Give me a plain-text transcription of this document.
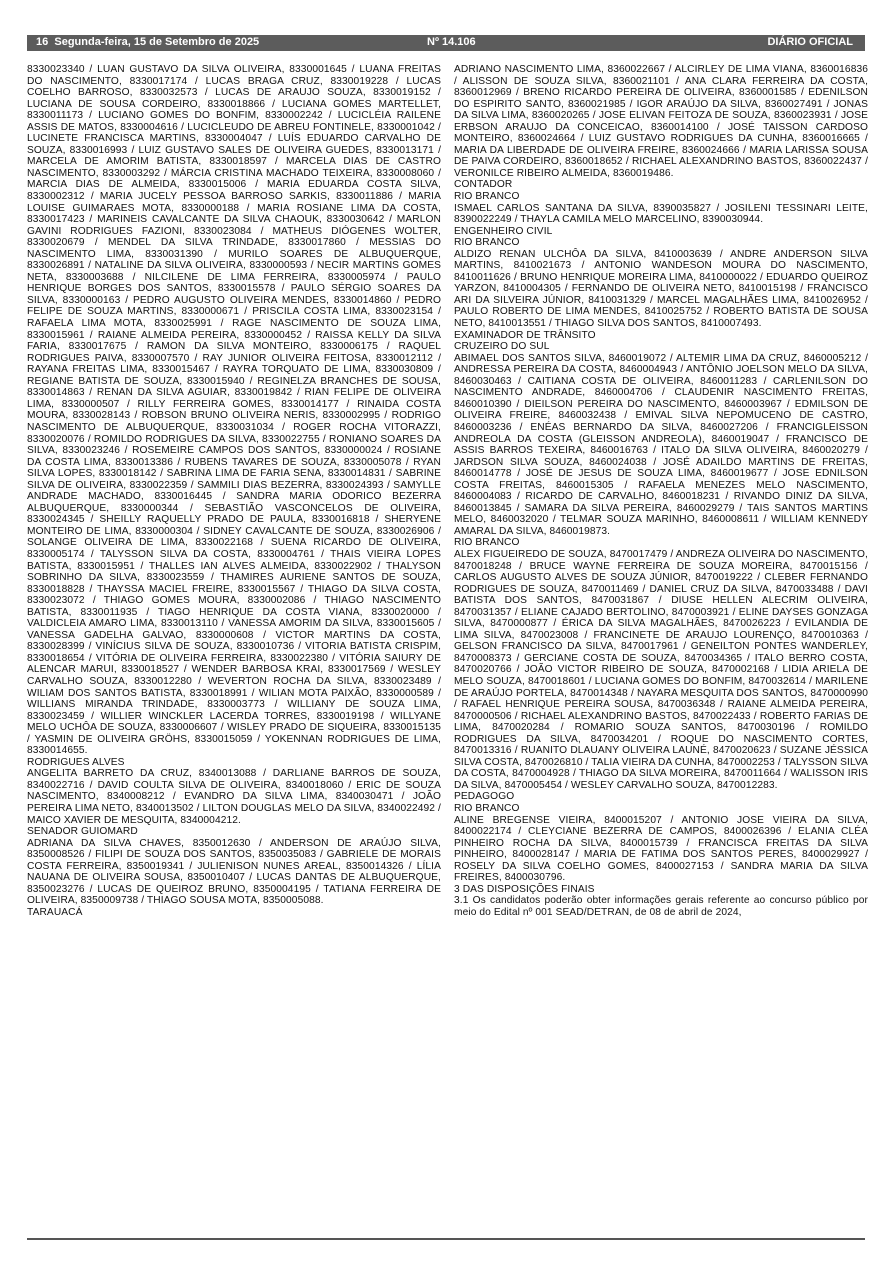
16 Segunda-feira, 15 de Setembro de 2025	Nº 14.106	DIÁRIO OFICIAL

8330023340 / LUAN GUSTAVO DA SILVA OLIVEIRA, 8330001645 / LUANA FREITAS DO NASCIMENTO, 8330017174 / LUCAS BRAGA CRUZ, 8330019228 / LUCAS COELHO BARROSO, 8330032573 / LUCAS DE ARAUJO SOUZA, 8330019152 / LUCIANA DE SOUSA CORDEIRO, 8330018866 / LUCIANA GOMES MARTELLET, 8330011173 / LUCIANO GOMES DO BONFIM, 8330002242 / LUCICLÉIA RAILENE ASSIS DE MATOS, 8330004616 / LUCICLEUDO DE ABREU FONTINELE, 8330001042 / LUCINETE FRANCISCA MARTINS, 8330004047 / LUÍS EDUARDO CARVALHO DE SOUZA, 8330016993 / LUIZ GUSTAVO SALES DE OLIVEIRA GUEDES, 8330013171 / MARCELA DE AMORIM BATISTA, 8330018597 / MARCELA DIAS DE CASTRO NASCIMENTO, 8330003292 / MÁRCIA CRISTINA MACHADO TEIXEIRA, 8330008060 / MARCIA DIAS DE ALMEIDA, 8330015006 / MARIA EDUARDA COSTA SILVA, 8330002312 / MARIA JUCELY PESSOA BARROSO SARKIS, 8330011886 / MARIA LOUISE GUIMARAES MOTA, 8330000188 / MARIA ROSIANE LIMA DA COSTA, 8330017423 / MARINEIS CAVALCANTE DA SILVA CHAOUK, 8330030642 / MARLON GAVINI RODRIGUES FAZIONI, 8330023084 / MATHEUS DIÓGENES WOLTER, 8330020679 / MENDEL DA SILVA TRINDADE, 8330017860 / MESSIAS DO NASCIMENTO LIMA, 8330031390 / MURILO SOARES DE ALBUQUERQUE, 8330026891 / NATALINE DA SILVA OLIVEIRA, 8330000593 / NECIR MARTINS GOMES NETA, 8330003688 / NILCILENE DE LIMA FERREIRA, 8330005974 / PAULO HENRIQUE BORGES DOS SANTOS, 8330015578 / PAULO SÉRGIO SOARES DA SILVA, 8330000163 / PEDRO AUGUSTO OLIVEIRA MENDES, 8330014860 / PEDRO FELIPE DE SOUZA MARTINS, 8330000671 / PRISCILA COSTA LIMA, 8330023154 / RAFAELA LIMA MOTA, 8330025991 / RAGE NASCIMENTO DE SOUZA LIMA, 8330015961 / RAIANE ALMEIDA PEREIRA, 8330000452 / RAISSA KELLY DA SILVA FARIA, 8330017675 / RAMON DA SILVA MONTEIRO, 8330006175 / RAQUEL RODRIGUES PAIVA, 8330007570 / RAY JUNIOR OLIVEIRA FEITOSA, 8330012112 / RAYANA FREITAS LIMA, 8330015467 / RAYRA TORQUATO DE LIMA, 8330030809 / REGIANE BATISTA DE SOUZA, 8330015940 / REGINELZA BRANCHES DE SOUSA, 8330014863 / RENAN DA SILVA AGUIAR, 8330019842 / RIAN FELIPE DE OLIVEIRA LIMA, 8330000507 / RILLY FERREIRA GOMES, 8330014177 / RINAIDA COSTA MOURA, 8330028143 / ROBSON BRUNO OLIVEIRA NERIS, 8330002995 / RODRIGO NASCIMENTO DE ALBUQUERQUE, 8330031034 / ROGER ROCHA VITORAZZI, 8330020076 / ROMILDO RODRIGUES DA SILVA, 8330022755 / RONIANO SOARES DA SILVA, 8330023246 / ROSEMEIRE CAMPOS DOS SANTOS, 8330000024 / ROSIANE DA COSTA LIMA, 8330013386 / RUBENS TAVARES DE SOUZA, 8330005078 / RYAN SILVA LOPES, 8330018142 / SABRINA LIMA DE FARIA SENA, 8330014831 / SABRINE SILVA DE OLIVEIRA, 8330022359 / SAMMILI DIAS BEZERRA, 8330024393 / SAMYLLE ANDRADE MACHADO, 8330016445 / SANDRA MARIA ODORICO BEZERRA ALBUQUERQUE, 8330000344 / SEBASTIÃO VASCONCELOS DE OLIVEIRA, 8330024345 / SHEILLY RAQUELLY PRADO DE PAULA, 8330016818 / SHERYENE MONTEIRO DE LIMA, 8330000304 / SIDNEY CAVALCANTE DE SOUZA, 8330026906 / SOLANGE OLIVEIRA DE LIMA, 8330022168 / SUENA RICARDO DE OLIVEIRA, 8330005174 / TALYSSON SILVA DA COSTA, 8330004761 / THAIS VIEIRA LOPES BATISTA, 8330015951 / THALLES IAN ALVES ALMEIDA, 8330022902 / THALYSON SOBRINHO DA SILVA, 8330023559 / THAMIRES AURIENE SANTOS DE SOUZA, 8330018828 / THAYSSA MACIEL FREIRE, 8330015567 / THIAGO DA SILVA COSTA, 8330023072 / THIAGO GOMES MOURA, 8330002086 / THIAGO NASCIMENTO BATISTA, 8330011935 / TIAGO HENRIQUE DA COSTA VIANA, 8330020000 / VALDICLEIA AMARO LIMA, 8330013110 / VANESSA AMORIM DA SILVA, 8330015605 / VANESSA GADELHA GALVAO, 8330000608 / VICTOR MARTINS DA COSTA, 8330028399 / VINÍCIUS SILVA DE SOUZA, 8330010736 / VITORIA BATISTA CRISPIM, 8330018654 / VITÓRIA DE OLIVEIRA FERREIRA, 8330022380 / VITÓRIA SAIURY DE ALENCAR MARUI, 8330018527 / WENDER BARBOSA KRAI, 8330017569 / WESLEY CARVALHO SOUZA, 8330012280 / WEVERTON ROCHA DA SILVA, 8330023489 / WILIAM DOS SANTOS BATISTA, 8330018991 / WILIAN MOTA PAIXÃO, 8330000589 / WILLIANS MIRANDA TRINDADE, 8330003773 / WILLIANY DE SOUZA LIMA, 8330023459 / WILLIER WINCKLER LACERDA TORRES, 8330019198 / WILLYANE MELO UCHÔA DE SOUZA, 8330006607 / WISLEY PRADO DE SIQUEIRA, 8330015135 / YASMIN DE OLIVEIRA GRÖHS, 8330015059 / YOKENNAN RODRIGUES DE LIMA, 8330014655.

RODRIGUES ALVES

ANGELITA BARRETO DA CRUZ, 8340013088 / DARLIANE BARROS DE SOUZA, 8340022716 / DAVID COULTA SILVA DE OLIVEIRA, 8340018060 / ERIC DE SOUZA NASCIMENTO, 8340008212 / EVANDRO DA SILVA LIMA, 8340030471 / JOÃO PEREIRA LIMA NETO, 8340013502 / LILTON DOUGLAS MELO DA SILVA, 8340022492 / MAICO XAVIER DE MESQUITA, 8340004212.

SENADOR GUIOMARD

ADRIANA DA SILVA CHAVES, 8350012630 / ANDERSON DE ARAÚJO SILVA, 8350008526 / FILIPI DE SOUZA DOS SANTOS, 8350035083 / GABRIELE DE MORAIS COSTA FERREIRA, 8350019341 / JULIENISON NUNES AREAL, 8350014326 / LÍLIA NAUANA DE OLIVEIRA SOUSA, 8350010407 / LUCAS DANTAS DE ALBUQUERQUE, 8350023276 / LUCAS DE QUEIROZ BRUNO, 8350004195 / TATIANA FERREIRA DE OLIVEIRA, 8350009738 / THIAGO SOUSA MOTA, 8350005088.

TARAUACÁ

ADRIANO NASCIMENTO LIMA, 8360022667 / ALCIRLEY DE LIMA VIANA, 8360016836 / ALISSON DE SOUZA SILVA, 8360021101 / ANA CLARA FERREIRA DA COSTA, 8360012969 / BRENO RICARDO PEREIRA DE OLIVEIRA, 8360001585 / EDENILSON DO ESPIRITO SANTO, 8360021985 / IGOR ARAÚJO DA SILVA, 8360027491 / JONAS DA SILVA LIMA, 8360020265 / JOSE ELIVAN FEITOZA DE SOUZA, 8360023931 / JOSE ERBSON ARAUJO DA CONCEICAO, 8360014100 / JOSÉ TAISSON CARDOSO MONTEIRO, 8360024664 / LUIZ GUSTAVO RODRIGUES DA CUNHA, 8360016665 / MARIA DA LIBERDADE DE OLIVEIRA FREIRE, 8360024666 / MARIA LARISSA SOUSA DE PAIVA CORDEIRO, 8360018652 / RICHAEL ALEXANDRINO BASTOS, 8360022437 / VERONILCE RIBEIRO ALMEIDA, 8360019486.

CONTADOR

RIO BRANCO

ISMAEL CARLOS SANTANA DA SILVA, 8390035827 / JOSILENI TESSINARI LEITE, 8390022249 / THAYLA CAMILA MELO MARCELINO, 8390030944.

ENGENHEIRO CIVIL

RIO BRANCO

ALDIZO RENAN ULCHÔA DA SILVA, 8410003639 / ANDRE ANDERSON SILVA MARTINS, 8410021673 / ANTONIO WANDESON MOURA DO NASCIMENTO, 8410011626 / BRUNO HENRIQUE MOREIRA LIMA, 8410000022 / EDUARDO QUEIROZ YARZON, 8410004305 / FERNANDO DE OLIVEIRA NETO, 8410015198 / FRANCISCO ARI DA SILVEIRA JÚNIOR, 8410031329 / MARCEL MAGALHÃES LIMA, 8410026952 / PAULO ROBERTO DE LIMA MENDES, 8410025752 / ROBERTO BATISTA DE SOUSA NETO, 8410013551 / THIAGO SILVA DOS SANTOS, 8410007493.

EXAMINADOR DE TRÂNSITO

CRUZEIRO DO SUL

ABIMAEL DOS SANTOS SILVA, 8460019072 / ALTEMIR LIMA DA CRUZ, 8460005212 / ANDRESSA PEREIRA DA COSTA, 8460004943 / ANTÔNIO JOELSON MELO DA SILVA, 8460030463 / CAITIANA COSTA DE OLIVEIRA, 8460011283 / CARLENILSON DO NASCIMENTO ANDRADE, 8460004706 / CLAUDENIR NASCIMENTO FREITAS, 8460010390 / DIEILSON PEREIRA DO NASCIMENTO, 8460003967 / EDMILSON DE OLIVEIRA FREIRE, 8460032438 / EMIVAL SILVA NEPOMUCENO DE CASTRO, 8460003236 / ENÉAS BERNARDO DA SILVA, 8460027206 / FRANCIGLEISSON ANDREOLA DA COSTA (GLEISSON ANDREOLA), 8460019047 / FRANCISCO DE ASSIS BARROS TEXEIRA, 8460016763 / ITALO DA SILVA OLIVEIRA, 8460020279 / JARDSON SILVA SOUZA, 8460024038 / JOSÉ ADAILDO MARTINS DE FREITAS, 8460014778 / JOSÉ DE JESUS DE SOUZA LIMA, 8460019677 / JOSE EDNILSON COSTA FREITAS, 8460015305 / RAFAELA MENEZES MELO NASCIMENTO, 8460004083 / RICARDO DE CARVALHO, 8460018231 / RIVANDO DINIZ DA SILVA, 8460013845 / SAMARA DA SILVA PEREIRA, 8460029279 / TAIS SANTOS MARTINS MELO, 8460032020 / TELMAR SOUZA MARINHO, 8460008611 / WILLIAM KENNEDY AMARAL DA SILVA, 8460019873.

RIO BRANCO

ALEX FIGUEIREDO DE SOUZA, 8470017479 / ANDREZA OLIVEIRA DO NASCIMENTO, 8470018248 / BRUCE WAYNE FERREIRA DE SOUZA MOREIRA, 8470015156 / CARLOS AUGUSTO ALVES DE SOUZA JÚNIOR, 8470019222 / CLEBER FERNANDO RODRIGUES DE SOUZA, 8470011469 / DANIEL CRUZ DA SILVA, 8470033488 / DAVI BATISTA DOS SANTOS, 8470031867 / DIUSE HELLEN ALECRIM OLIVEIRA, 8470031357 / ELIANE CAJADO BERTOLINO, 8470003921 / ELINE DAYSES GONZAGA SILVA, 8470000877 / ÉRICA DA SILVA MAGALHÃES, 8470026223 / EVILANDIA DE LIMA SILVA, 8470023008 / FRANCINETE DE ARAUJO LOURENÇO, 8470010363 / GELSON FRANCISCO DA SILVA, 8470017961 / GENEILTON PONTES WANDERLEY, 8470008373 / GERCIANE COSTA DE SOUZA, 8470034365 / ITALO BERRO COSTA, 8470020766 / JOÃO VICTOR RIBEIRO DE SOUZA, 8470002168 / LIDIA ARIELA DE MELO SOUZA, 8470018601 / LUCIANA GOMES DO BONFIM, 8470032614 / MARILENE DE ARAÚJO PORTELA, 8470014348 / NAYARA MESQUITA DOS SANTOS, 8470000990 / RAFAEL HENRIQUE PEREIRA SOUSA, 8470036348 / RAIANE ALMEIDA PEREIRA, 8470000506 / RICHAEL ALEXANDRINO BASTOS, 8470022433 / ROBERTO FARIAS DE LIMA, 8470020284 / ROMARIO SOUZA SANTOS, 8470030196 / ROMILDO RODRIGUES DA SILVA, 8470034201 / ROQUE DO NASCIMENTO CORTES, 8470013316 / RUANITO DLAUANY OLIVEIRA LAUNÉ, 8470020623 / SUZANE JÉSSICA SILVA COSTA, 8470026810 / TALIA VIEIRA DA CUNHA, 8470002253 / TALYSSON SILVA DA COSTA, 8470004928 / THIAGO DA SILVA MOREIRA, 8470011664 / WALISSON IRIS DA SILVA, 8470005454 / WESLEY CARVALHO SOUZA, 8470012283.

PEDAGOGO

RIO BRANCO

ALINE BREGENSE VIEIRA, 8400015207 / ANTONIO JOSE VIEIRA DA SILVA, 8400022174 / CLEYCIANE BEZERRA DE CAMPOS, 8400026396 / ELANIA CLÉA PINHEIRO ROCHA DA SILVA, 8400015739 / FRANCISCA FREITAS DA SILVA PINHEIRO, 8400028147 / MARIA DE FATIMA DOS SANTOS PERES, 8400029927 / ROSELY DA SILVA COELHO GOMES, 8400027153 / SANDRA MARIA DA SILVA FREIRES, 8400030796.

3 DAS DISPOSIÇÕES FINAIS

3.1 Os candidatos poderão obter informações gerais referente ao concurso público por meio do Edital nº 001 SEAD/DETRAN, de 08 de abril de 2024,
